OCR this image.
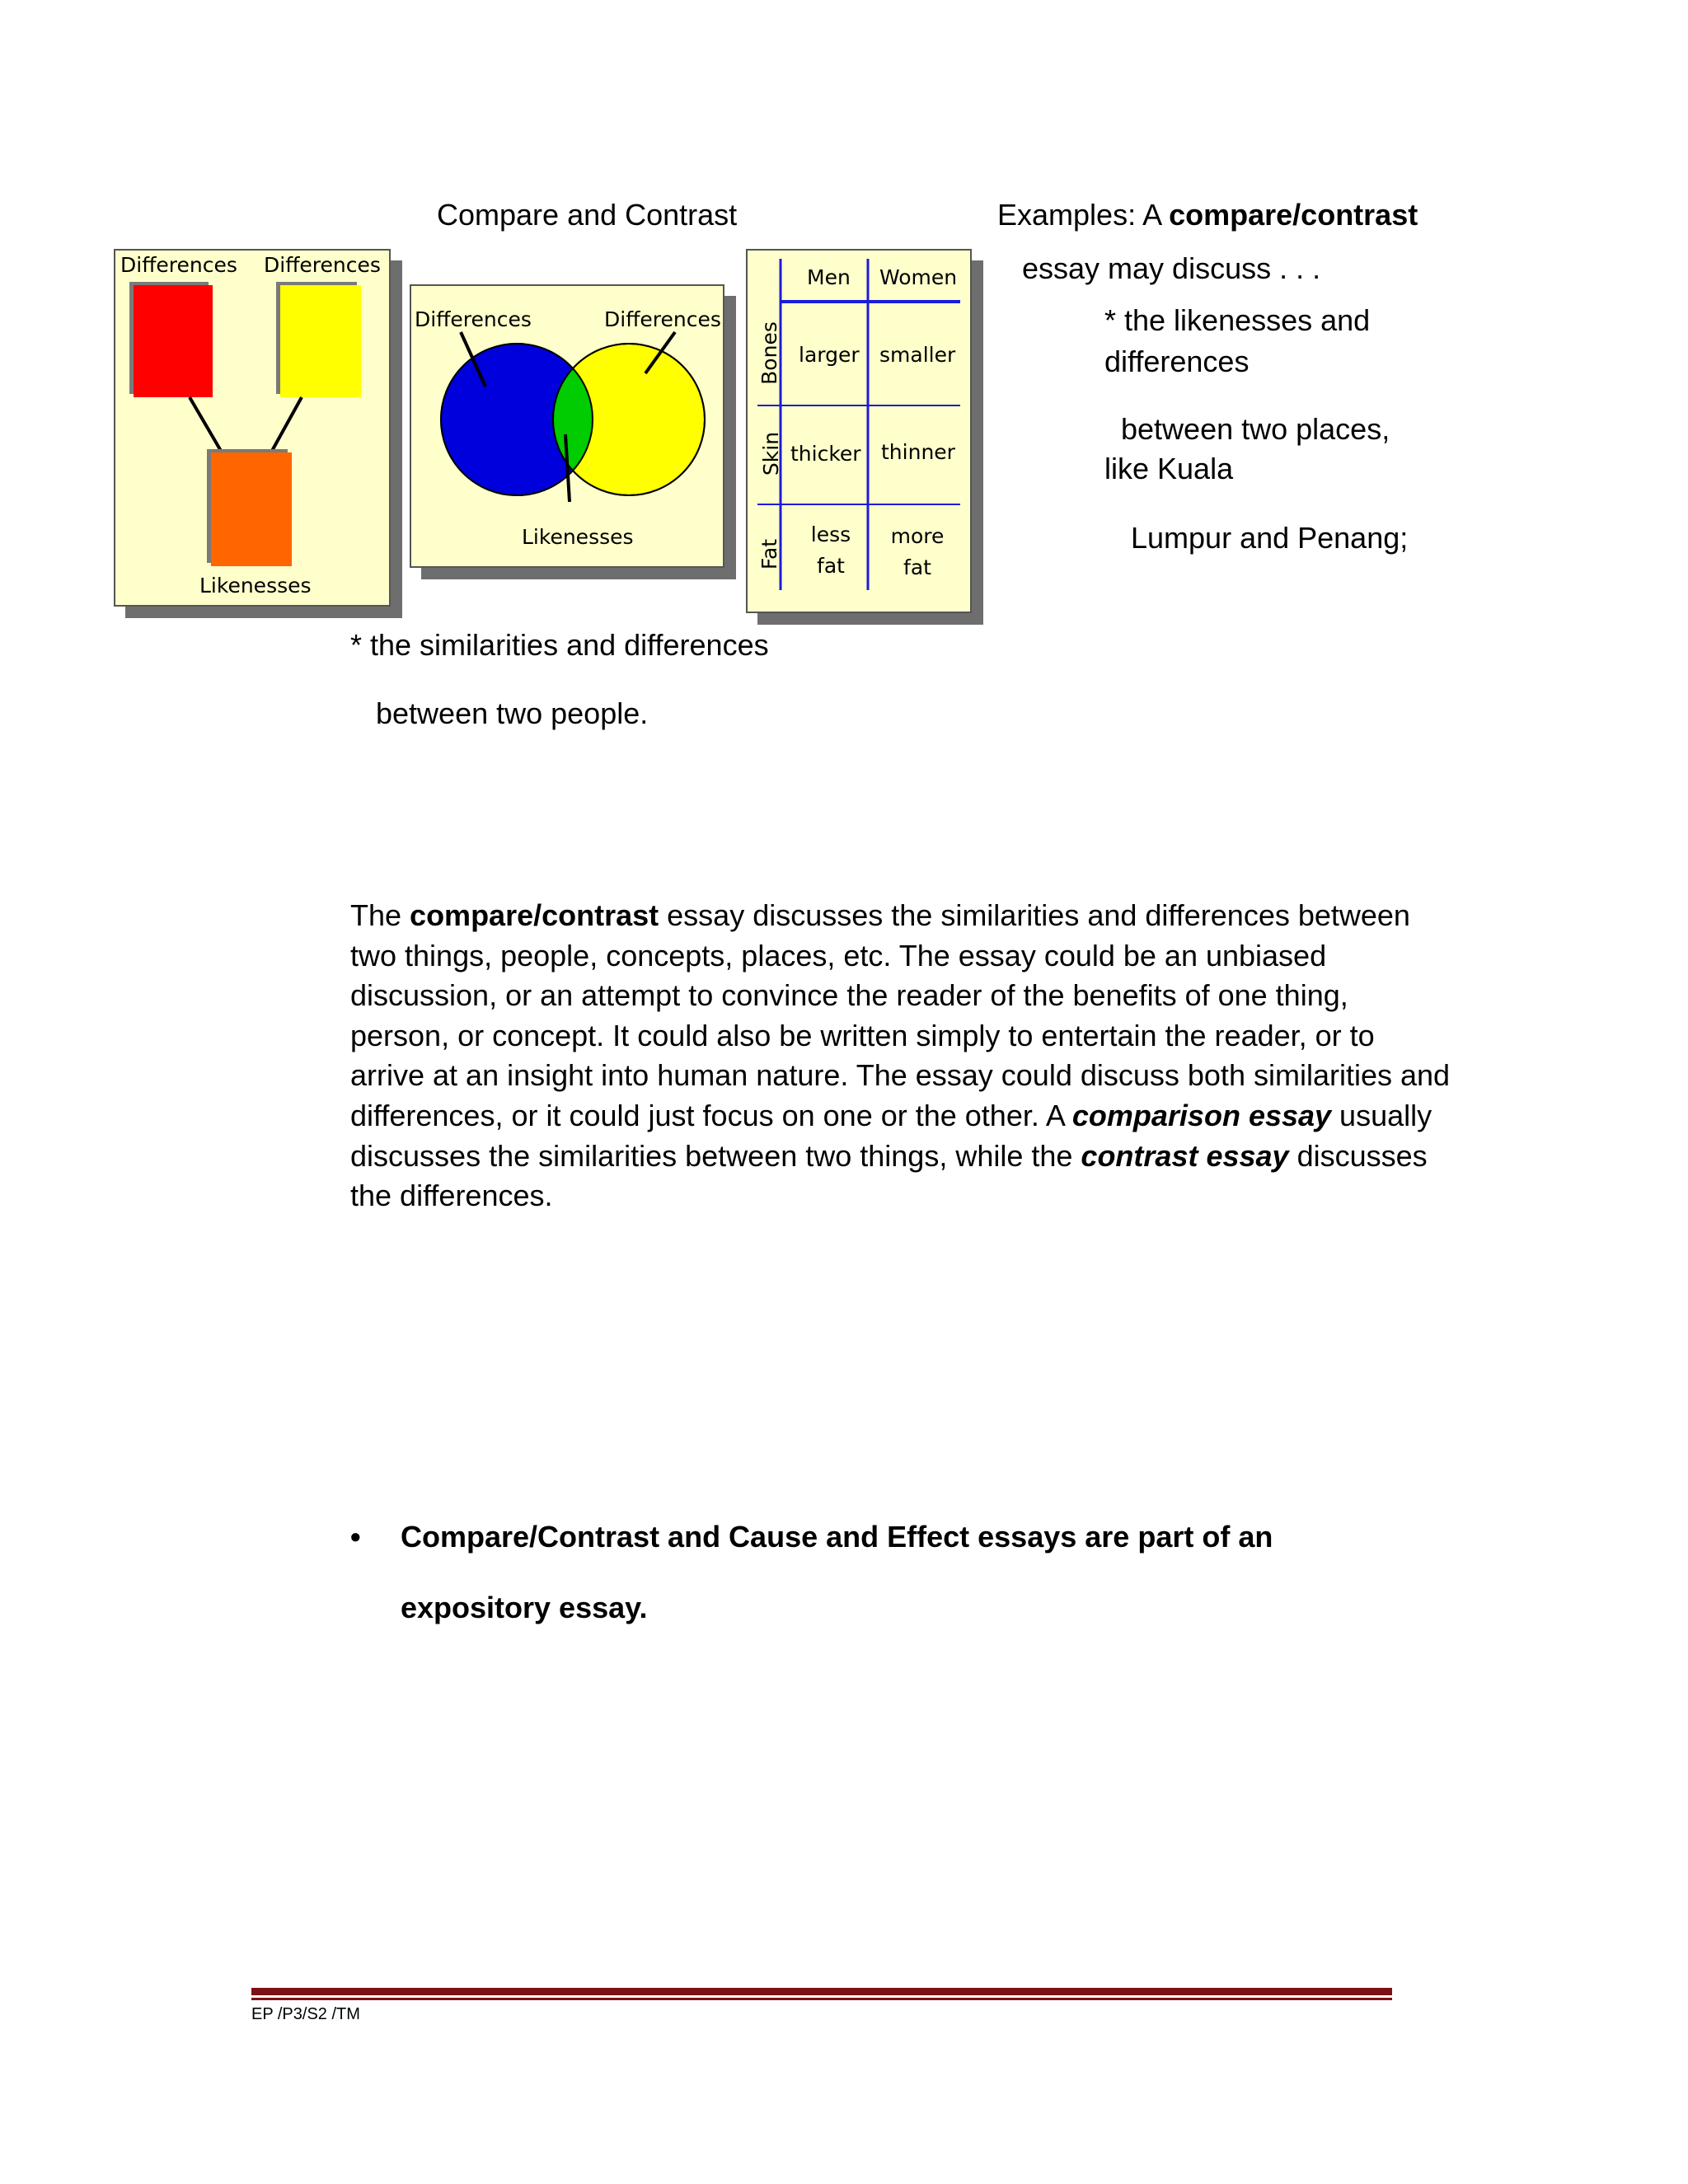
Compare and Contrast
Differences Differences
Likenesses
Differences	Differences
Likenesses
Men Women
Bones
Skin
Fat
larger smaller
thicker thinner
less fat
more fat
Examples: A compare/contrast
essay may discuss . . .
* the likenesses and
differences
between two places,
like Kuala
Lumpur and Penang;
* the similarities and differences
between two people.
The compare/contrast essay discusses the similarities and differences between two things, people, concepts, places, etc. The essay could be an unbiased discussion, or an attempt to convince the reader of the benefits of one thing, person, or concept. It could also be written simply to entertain the reader, or to arrive at an insight into human nature. The essay could discuss both similarities and differences, or it could just focus on one or the other. A comparison essay usually discusses the similarities between two things, while the contrast essay discusses the differences.
• Compare/Contrast and Cause and Effect essays are part of an
expository essay.
EP /P3/S2 /TM
